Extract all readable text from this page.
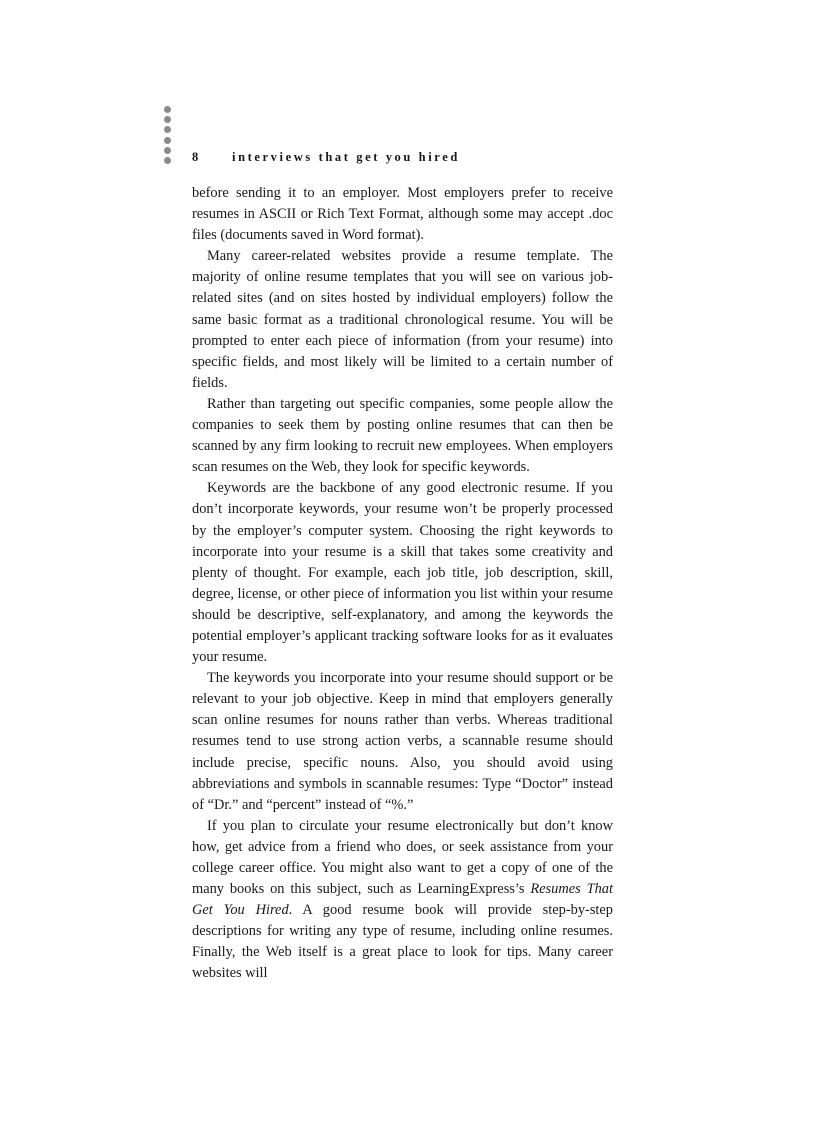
8	interviews that get you hired

before sending it to an employer. Most employers prefer to receive resumes in ASCII or Rich Text Format, although some may accept .doc files (documents saved in Word format).

Many career-related websites provide a resume template. The majority of online resume templates that you will see on various job-related sites (and on sites hosted by individual employers) follow the same basic format as a traditional chronological resume. You will be prompted to enter each piece of information (from your resume) into specific fields, and most likely will be limited to a certain number of fields.

Rather than targeting out specific companies, some people allow the companies to seek them by posting online resumes that can then be scanned by any firm looking to recruit new employees. When employers scan resumes on the Web, they look for specific keywords.

Keywords are the backbone of any good electronic resume. If you don’t incorporate keywords, your resume won’t be properly processed by the employer’s computer system. Choosing the right keywords to incorporate into your resume is a skill that takes some creativity and plenty of thought. For example, each job title, job description, skill, degree, license, or other piece of information you list within your resume should be descriptive, self-explanatory, and among the keywords the potential employer’s applicant tracking software looks for as it evaluates your resume.

The keywords you incorporate into your resume should support or be relevant to your job objective. Keep in mind that employers generally scan online resumes for nouns rather than verbs. Whereas traditional resumes tend to use strong action verbs, a scannable resume should include precise, specific nouns. Also, you should avoid using abbreviations and symbols in scannable resumes: Type “Doctor” instead of “Dr.” and “percent” instead of “%.”

If you plan to circulate your resume electronically but don’t know how, get advice from a friend who does, or seek assistance from your college career office. You might also want to get a copy of one of the many books on this subject, such as LearningExpress’s Resumes That Get You Hired. A good resume book will provide step-by-step descriptions for writing any type of resume, including online resumes. Finally, the Web itself is a great place to look for tips. Many career websites will
